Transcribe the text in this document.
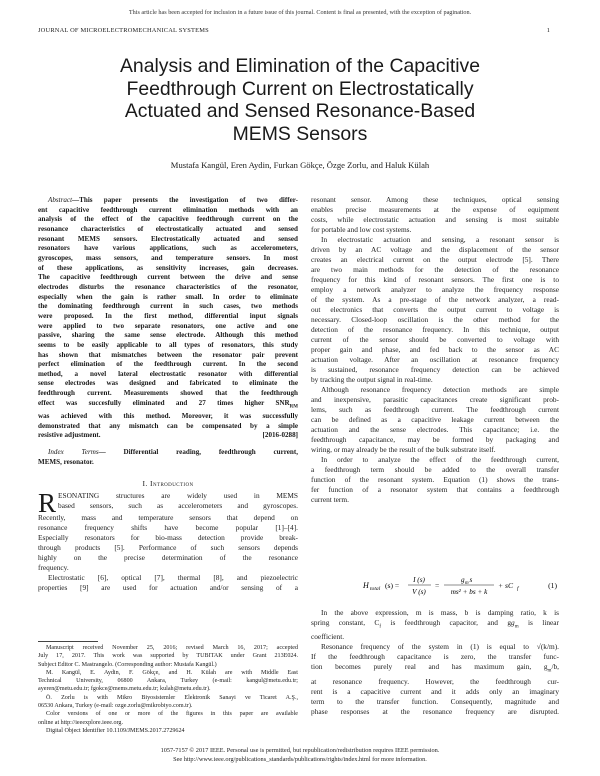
This article has been accepted for inclusion in a future issue of this journal. Content is final as presented, with the exception of pagination.
JOURNAL OF MICROELECTROMECHANICAL SYSTEMS	1
Analysis and Elimination of the Capacitive
Feedthrough Current on Electrostatically
Actuated and Sensed Resonance-Based
MEMS Sensors
Mustafa Kangül, Eren Aydin, Furkan Gökçe, Özge Zorlu, and Haluk Külah
Abstract—This paper presents the investigation of two differ-
ent capacitive feedthrough current elimination methods with an
analysis of the effect of the capacitive feedthrough current on the
resonance characteristics of electrostatically actuated and sensed
resonant MEMS sensors. Electrostatically actuated and sensed
resonators have various applications, such as accelerometers,
gyroscopes, mass sensors, and temperature sensors. In most
of these applications, as sensitivity increases, gain decreases.
The capacitive feedthrough current between the drive and sense
electrodes disturbs the resonance characteristics of the resonator,
especially when the gain is rather small. In order to eliminate
the dominating feedthrough current in such cases, two methods
were proposed. In the first method, differential input signals
were applied to two separate resonators, one active and one
passive, sharing the same sense electrode. Although this method
seems to be easily applicable to all types of resonators, this study
has shown that mismatches between the resonator pair prevent
perfect elimination of the feedthrough current. In the second
method, a novel lateral electrostatic resonator with differential
sense electrodes was designed and fabricated to eliminate the
feedthrough current. Measurements showed that the feedthrough
effect was succesfully eliminated and 27 times higher $SNR_{RM}$
was achieved with this method. Moreover, it was successfully
demonstrated that any mismatch can be compensated by a simple
resistive adjustment.	[2016-0288]
Index Terms— Differential reading, feedthrough current,
MEMS, resonator.
I. Introduction
R ESONATING structures are widely used in MEMS
based sensors, such as accelerometers and gyroscopes.
Recently, mass and temperature sensors that depend on
resonance frequency shifts have become popular [1]–[4].
Especially resonators for bio-mass detection provide break-
through products [5]. Performance of such sensors depends
highly on the precise determination of the resonance
frequency.
Electrostatic [6], optical [7], thermal [8], and piezoelectric
properties [9] are used for actuation and/or sensing of a
Manuscript received November 25, 2016; revised March 16, 2017; accepted
July 17, 2017. This work was supported by TUBITAK under Grant 213E024.
Subject Editor C. Mastrangelo. (Corresponding author: Mustafa Kangül.)
M. Kangül, E. Aydin, F. Gökçe, and H. Külah are with Middle East
Technical University, 06800 Ankara, Turkey (e-mail: kangul@metu.edu.tr;
ayeren@metu.edu.tr; fgokce@mems.metu.edu.tr; kulah@metu.edu.tr).
Ö. Zorlu is with Mikro Biyosistemler Elektronik Sanayi ve Ticaret A.Ş.,
06530 Ankara, Turkey (e-mail: ozge.zorlu@mikrobiyo.com.tr).
Color versions of one or more of the figures in this paper are available
online at http://ieeexplore.ieee.org.
Digital Object Identifier 10.1109/JMEMS.2017.2729624
resonant sensor. Among these techniques, optical sensing
enables precise measurements at the expense of equipment
costs, while electrostatic actuation and sensing is most suitable
for portable and low cost systems.
In electrostatic actuation and sensing, a resonant sensor is
driven by an AC voltage and the displacement of the sensor
creates an electrical current on the output electrode [5]. There
are two main methods for the detection of the resonance
frequency for this kind of resonant sensors. The first one is to
employ a network analyzer to analyze the frequency response
of the system. As a pre-stage of the network analyzer, a read-
out electronics that converts the output current to voltage is
necessary. Closed-loop oscillation is the other method for the
detection of the resonance frequency. In this technique, output
current of the sensor should be converted to voltage with
proper gain and phase, and fed back to the sensor as AC
actuation voltage. After an oscillation at resonance frequency
is sustained, resonance frequency detection can be achieved
by tracking the output signal in real-time.
Although resonance frequency detection methods are simple
and inexpensive, parasitic capacitances create significant prob-
lems, such as feedthrough current. The feedthrough current
can be defined as a capacitive leakage current between the
actuation and the sense electrodes. This capacitance; i.e. the
feedthrough capacitance, may be formed by packaging and
wiring, or may already be the result of the bulk substrate itself.
In order to analyze the effect of the feedthrough current,
a feedthrough term should be added to the overall transfer
function of the resonant system. Equation (1) shows the trans-
fer function of a resonator system that contains a feedthrough
current term.
H total (s) =
I (s)
V (s)
=
g m s
ms² + bs + k
+ sC f	(1)
In the above expression, m is mass, b is damping ratio, k is
spring constant, $C_f$ is feedthrough capacitor, and $gg_m$ is linear
coefficient.
Resonance frequency of the system in (1) is equal to √(k/m).
If the feedthrough capacitance is zero, the transfer func-
tion becomes purely real and has maximum gain, $g_m/b$,
at resonance frequency. However, the feedthrough cur-
rent is a capacitive current and it adds only an imaginary
term to the transfer function. Consequently, magnitude and
phase responses at the resonance frequency are disrupted.
1057-7157 © 2017 IEEE. Personal use is permitted, but republication/redistribution requires IEEE permission.
See http://www.ieee.org/publications_standards/publications/rights/index.html for more information.
